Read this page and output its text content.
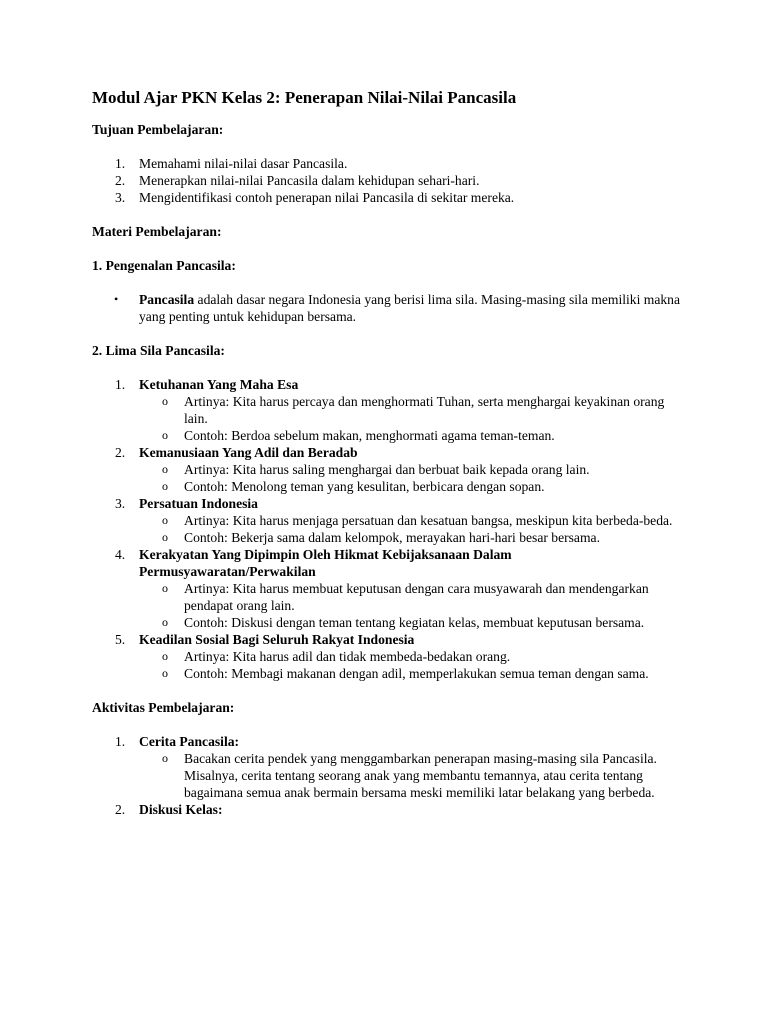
Modul Ajar PKN Kelas 2: Penerapan Nilai-Nilai Pancasila
Tujuan Pembelajaran:
1.	Memahami nilai-nilai dasar Pancasila.
2.	Menerapkan nilai-nilai Pancasila dalam kehidupan sehari-hari.
3.	Mengidentifikasi contoh penerapan nilai Pancasila di sekitar mereka.
Materi Pembelajaran:
1. Pengenalan Pancasila:
•	Pancasila adalah dasar negara Indonesia yang berisi lima sila. Masing-masing sila memiliki makna yang penting untuk kehidupan bersama.
2. Lima Sila Pancasila:
1.	Ketuhanan Yang Maha Esa
o Artinya: Kita harus percaya dan menghormati Tuhan, serta menghargai keyakinan orang lain.
o Contoh: Berdoa sebelum makan, menghormati agama teman-teman.
2.	Kemanusiaan Yang Adil dan Beradab
o Artinya: Kita harus saling menghargai dan berbuat baik kepada orang lain.
o Contoh: Menolong teman yang kesulitan, berbicara dengan sopan.
3.	Persatuan Indonesia
o Artinya: Kita harus menjaga persatuan dan kesatuan bangsa, meskipun kita berbeda-beda.
o Contoh: Bekerja sama dalam kelompok, merayakan hari-hari besar bersama.
4.	Kerakyatan Yang Dipimpin Oleh Hikmat Kebijaksanaan Dalam Permusyawaratan/Perwakilan
o Artinya: Kita harus membuat keputusan dengan cara musyawarah dan mendengarkan pendapat orang lain.
o Contoh: Diskusi dengan teman tentang kegiatan kelas, membuat keputusan bersama.
5.	Keadilan Sosial Bagi Seluruh Rakyat Indonesia
o Artinya: Kita harus adil dan tidak membeda-bedakan orang.
o Contoh: Membagi makanan dengan adil, memperlakukan semua teman dengan sama.
Aktivitas Pembelajaran:
1.	Cerita Pancasila:
o Bacakan cerita pendek yang menggambarkan penerapan masing-masing sila Pancasila. Misalnya, cerita tentang seorang anak yang membantu temannya, atau cerita tentang bagaimana semua anak bermain bersama meski memiliki latar belakang yang berbeda.
2.	Diskusi Kelas:
